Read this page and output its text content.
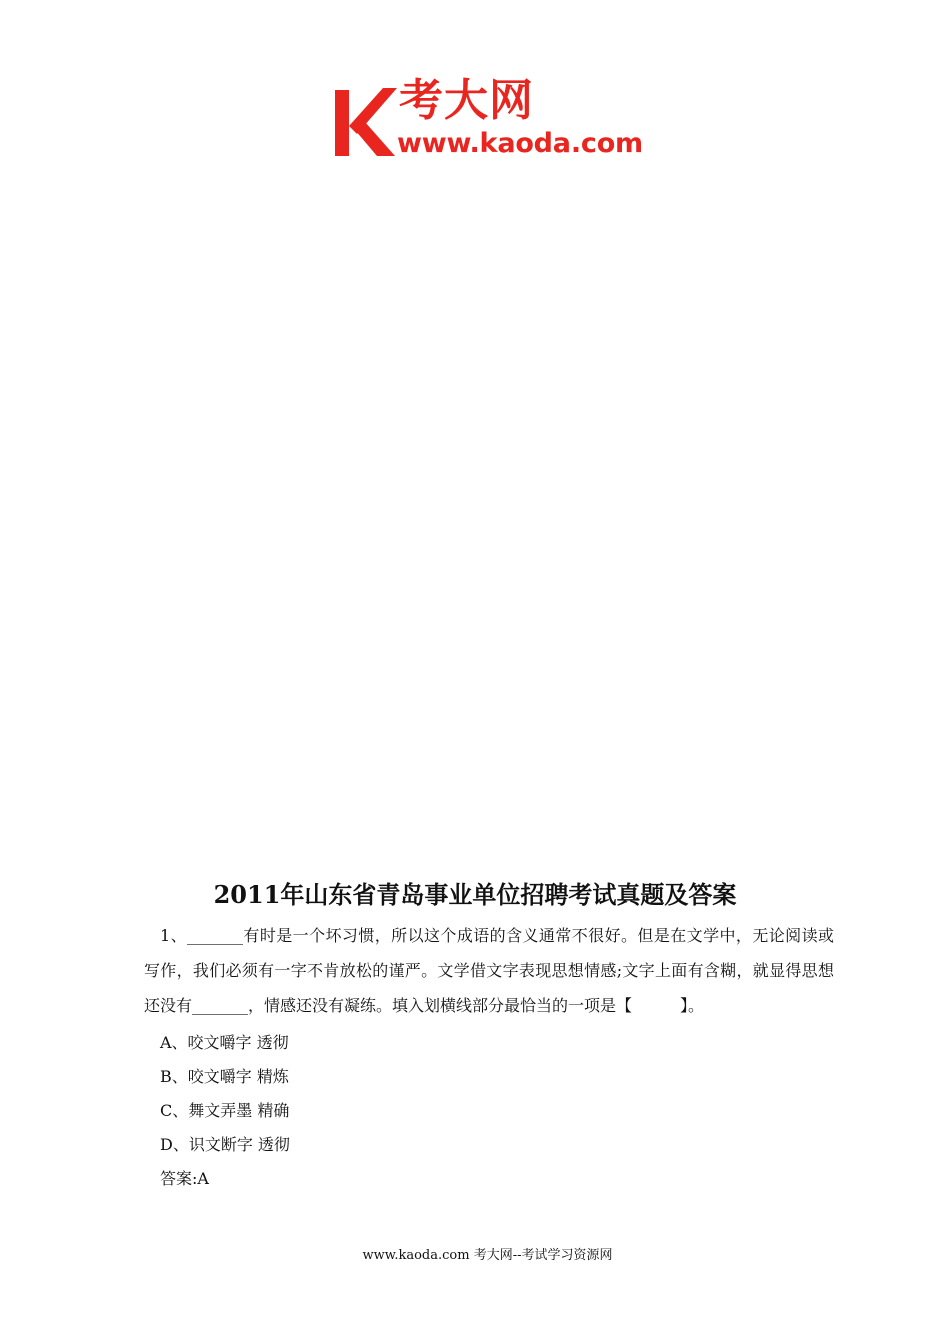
考大网
www.kaoda.com
2011年山东省青岛事业单位招聘考试真题及答案

1、_______有时是一个坏习惯，所以这个成语的含义通常不很好。但是在文学中，无论阅读或写作，我们必须有一字不肯放松的谨严。文学借文字表现思想情感;文字上面有含糊，就显得思想还没有_______，情感还没有凝练。填入划横线部分最恰当的一项是【　　　】。

A、咬文嚼字 透彻
B、咬文嚼字 精炼
C、舞文弄墨 精确
D、识文断字 透彻

答案:A

www.kaoda.com 考大网--考试学习资源网
